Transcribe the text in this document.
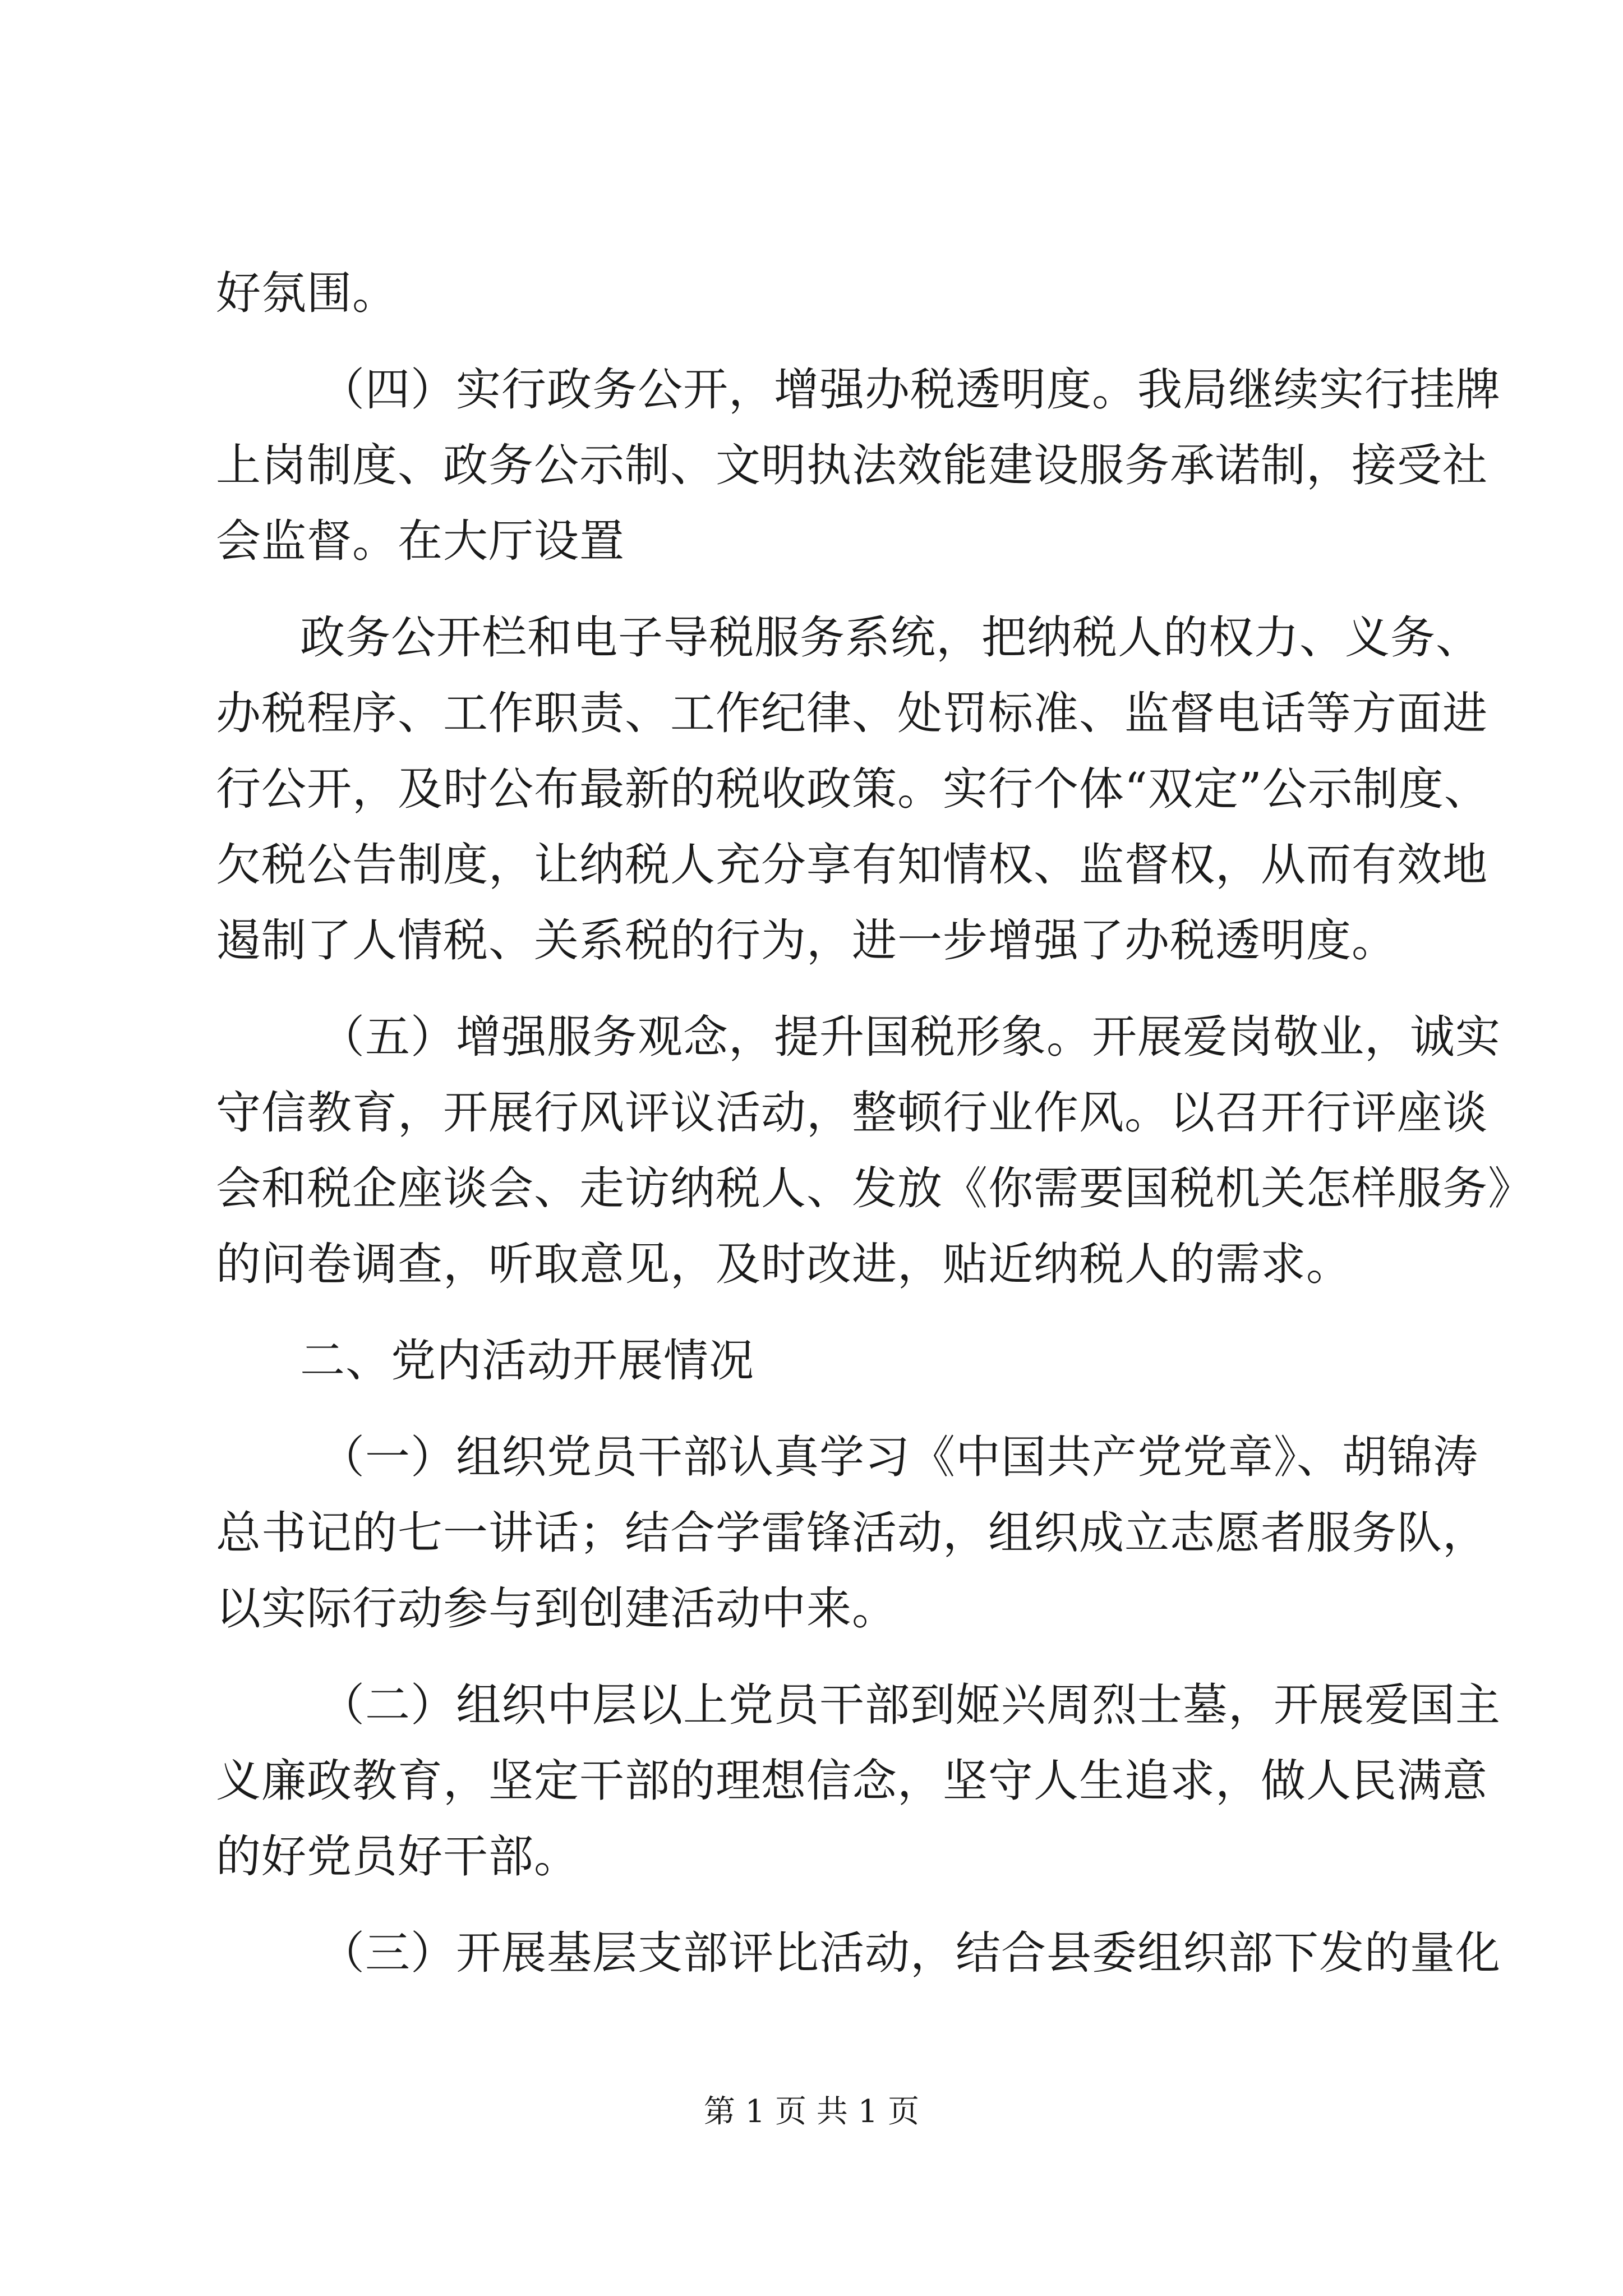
好氛围。
（四）实行政务公开，增强办税透明度。我局继续实行挂牌
上岗制度、政务公示制、文明执法效能建设服务承诺制，接受社
会监督。在大厅设置
政务公开栏和电子导税服务系统，把纳税人的权力、义务、
办税程序、工作职责、工作纪律、处罚标准、监督电话等方面进
行公开，及时公布最新的税收政策。实行个体“双定”公示制度、
欠税公告制度，让纳税人充分享有知情权、监督权，从而有效地
遏制了人情税、关系税的行为，进一步增强了办税透明度。
（五）增强服务观念，提升国税形象。开展爱岗敬业，诚实
守信教育，开展行风评议活动，整顿行业作风。以召开行评座谈
会和税企座谈会、走访纳税人、发放《你需要国税机关怎样服务》
的问卷调查，听取意见，及时改进，贴近纳税人的需求。
二、党内活动开展情况
（一）组织党员干部认真学习《中国共产党党章》、胡锦涛
总书记的七一讲话；结合学雷锋活动，组织成立志愿者服务队，
以实际行动参与到创建活动中来。
（二）组织中层以上党员干部到姬兴周烈士墓，开展爱国主
义廉政教育，坚定干部的理想信念，坚守人生追求，做人民满意
的好党员好干部。
（三）开展基层支部评比活动，结合县委组织部下发的量化
第 1 页 共 1 页
